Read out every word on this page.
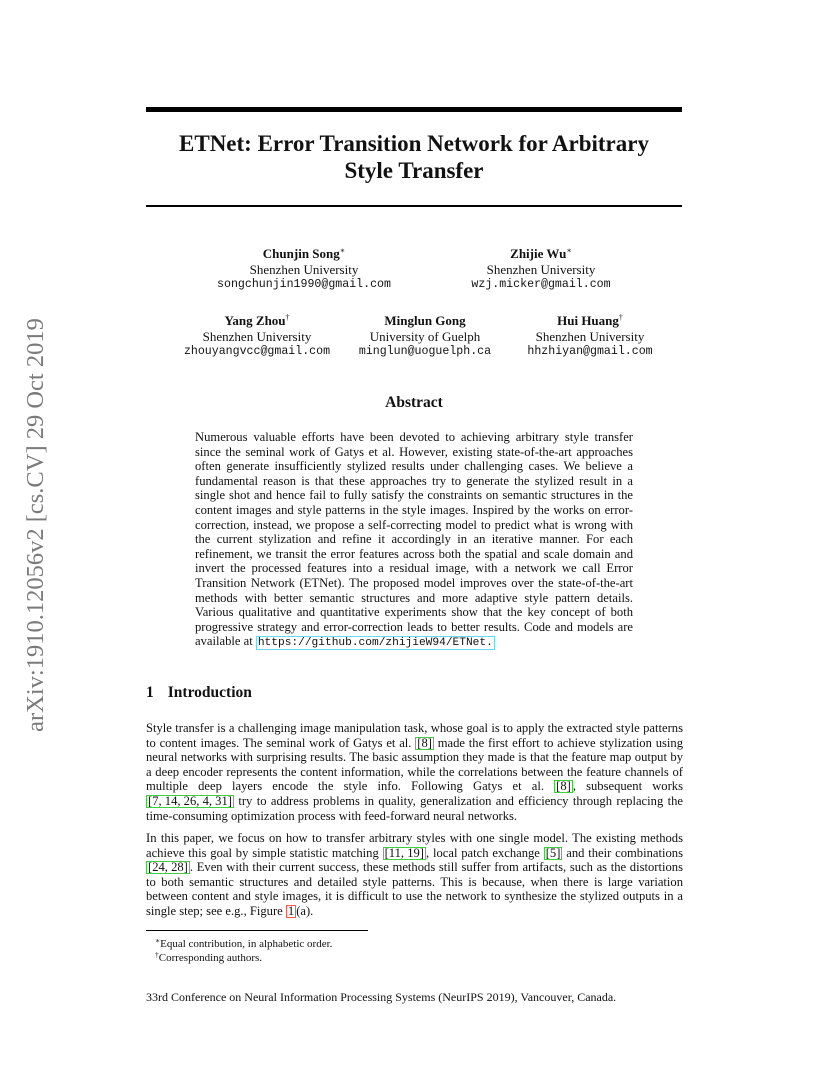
arXiv:1910.12056v2 [cs.CV] 29 Oct 2019
ETNet: Error Transition Network for Arbitrary
Style Transfer
Chunjin Song∗
Shenzhen University
songchunjin1990@gmail.com
Zhijie Wu∗
Shenzhen University
wzj.micker@gmail.com
Yang Zhou†
Shenzhen University
zhouyangvcc@gmail.com
Minglun Gong
University of Guelph
minglun@uoguelph.ca
Hui Huang†
Shenzhen University
hhzhiyan@gmail.com
Abstract
Numerous valuable efforts have been devoted to achieving arbitrary style transfer since the seminal work of Gatys et al. However, existing state-of-the-art approaches often generate insufficiently stylized results under challenging cases. We believe a fundamental reason is that these approaches try to generate the stylized result in a single shot and hence fail to fully satisfy the constraints on semantic structures in the content images and style patterns in the style images. Inspired by the works on error-correction, instead, we propose a self-correcting model to predict what is wrong with the current stylization and refine it accordingly in an iterative manner. For each refinement, we transit the error features across both the spatial and scale domain and invert the processed features into a residual image, with a network we call Error Transition Network (ETNet). The proposed model improves over the state-of-the-art methods with better semantic structures and more adaptive style pattern details. Various qualitative and quantitative experiments show that the key concept of both progressive strategy and error-correction leads to better results. Code and models are available at https://github.com/zhijieW94/ETNet.
1 Introduction
Style transfer is a challenging image manipulation task, whose goal is to apply the extracted style patterns to content images. The seminal work of Gatys et al. [8] made the first effort to achieve stylization using neural networks with surprising results. The basic assumption they made is that the feature map output by a deep encoder represents the content information, while the correlations between the feature channels of multiple deep layers encode the style info. Following Gatys et al. [8] , subsequent works [7, 14, 26, 4, 31] try to address problems in quality, generalization and efficiency through replacing the time-consuming optimization process with feed-forward neural networks.
In this paper, we focus on how to transfer arbitrary styles with one single model. The existing methods achieve this goal by simple statistic matching [11, 19] , local patch exchange [5] and their combinations [24, 28] . Even with their current success, these methods still suffer from artifacts, such as the distortions to both semantic structures and detailed style patterns. This is because, when there is large variation between content and style images, it is difficult to use the network to synthesize the stylized outputs in a single step; see e.g., Figure 1 (a).
∗Equal contribution, in alphabetic order.
†Corresponding authors.
33rd Conference on Neural Information Processing Systems (NeurIPS 2019), Vancouver, Canada.
